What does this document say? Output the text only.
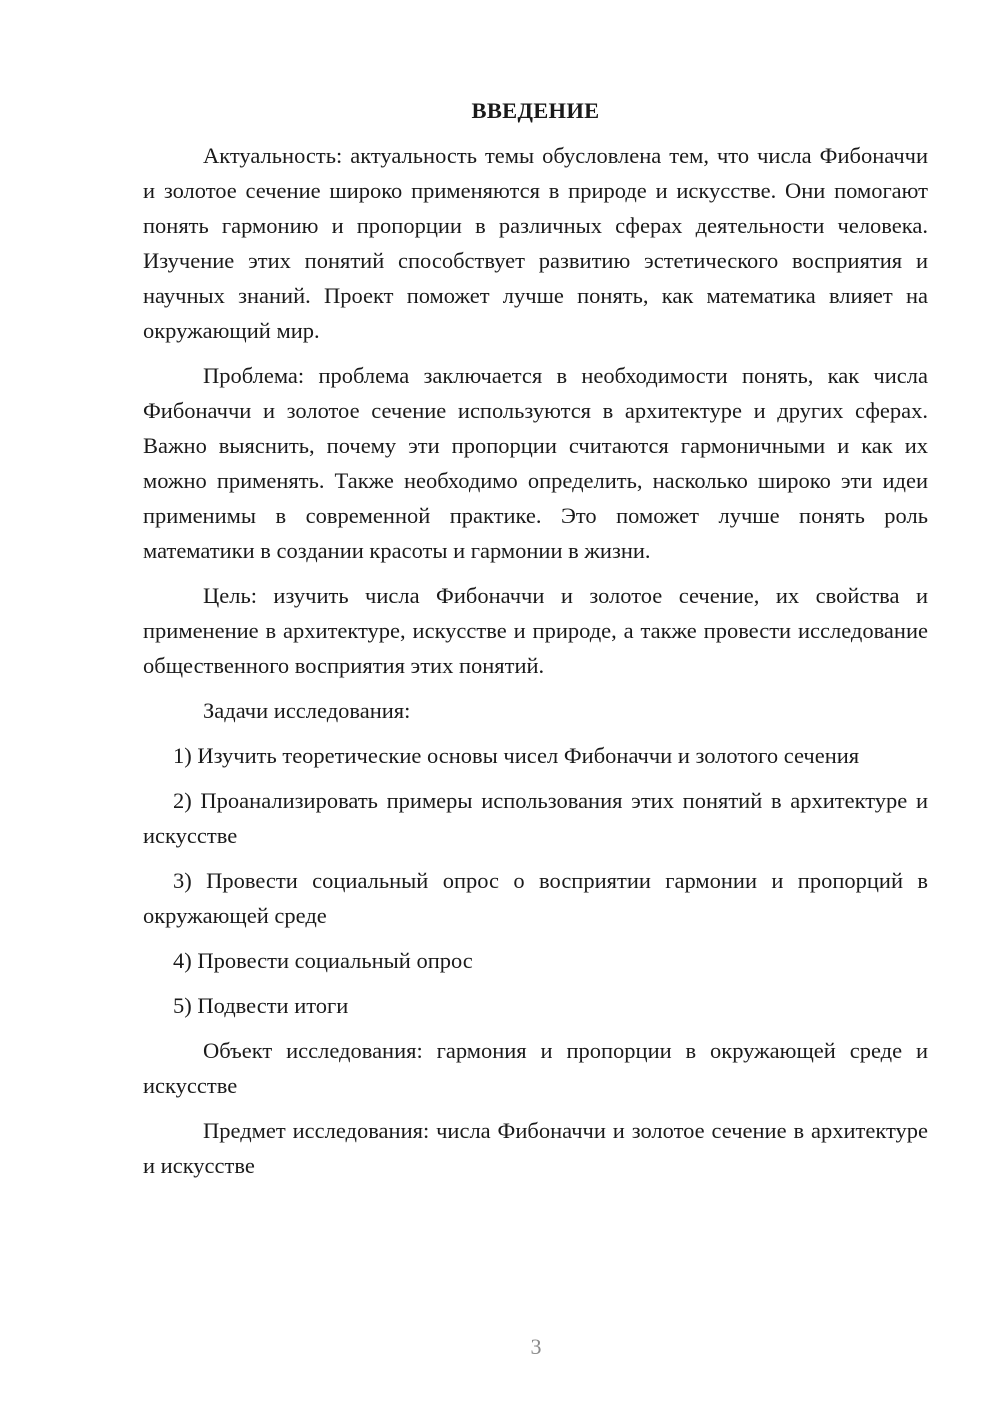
ВВЕДЕНИЕ

Актуальность: актуальность темы обусловлена тем, что числа Фибоначчи и золотое сечение широко применяются в природе и искусстве. Они помогают понять гармонию и пропорции в различных сферах деятельности человека. Изучение этих понятий способствует развитию эстетического восприятия и научных знаний. Проект поможет лучше понять, как математика влияет на окружающий мир.

Проблема: проблема заключается в необходимости понять, как числа Фибоначчи и золотое сечение используются в архитектуре и других сферах. Важно выяснить, почему эти пропорции считаются гармоничными и как их можно применять. Также необходимо определить, насколько широко эти идеи применимы в современной практике. Это поможет лучше понять роль математики в создании красоты и гармонии в жизни.

Цель: изучить числа Фибоначчи и золотое сечение, их свойства и применение в архитектуре, искусстве и природе, а также провести исследование общественного восприятия этих понятий.

Задачи исследования:

1) Изучить теоретические основы чисел Фибоначчи и золотого сечения

2) Проанализировать примеры использования этих понятий в архитектуре и искусстве

3) Провести социальный опрос о восприятии гармонии и пропорций в окружающей среде

4) Провести социальный опрос

5) Подвести итоги

Объект исследования: гармония и пропорции в окружающей среде и искусстве

Предмет исследования: числа Фибоначчи и золотое сечение в архитектуре и искусстве

3
